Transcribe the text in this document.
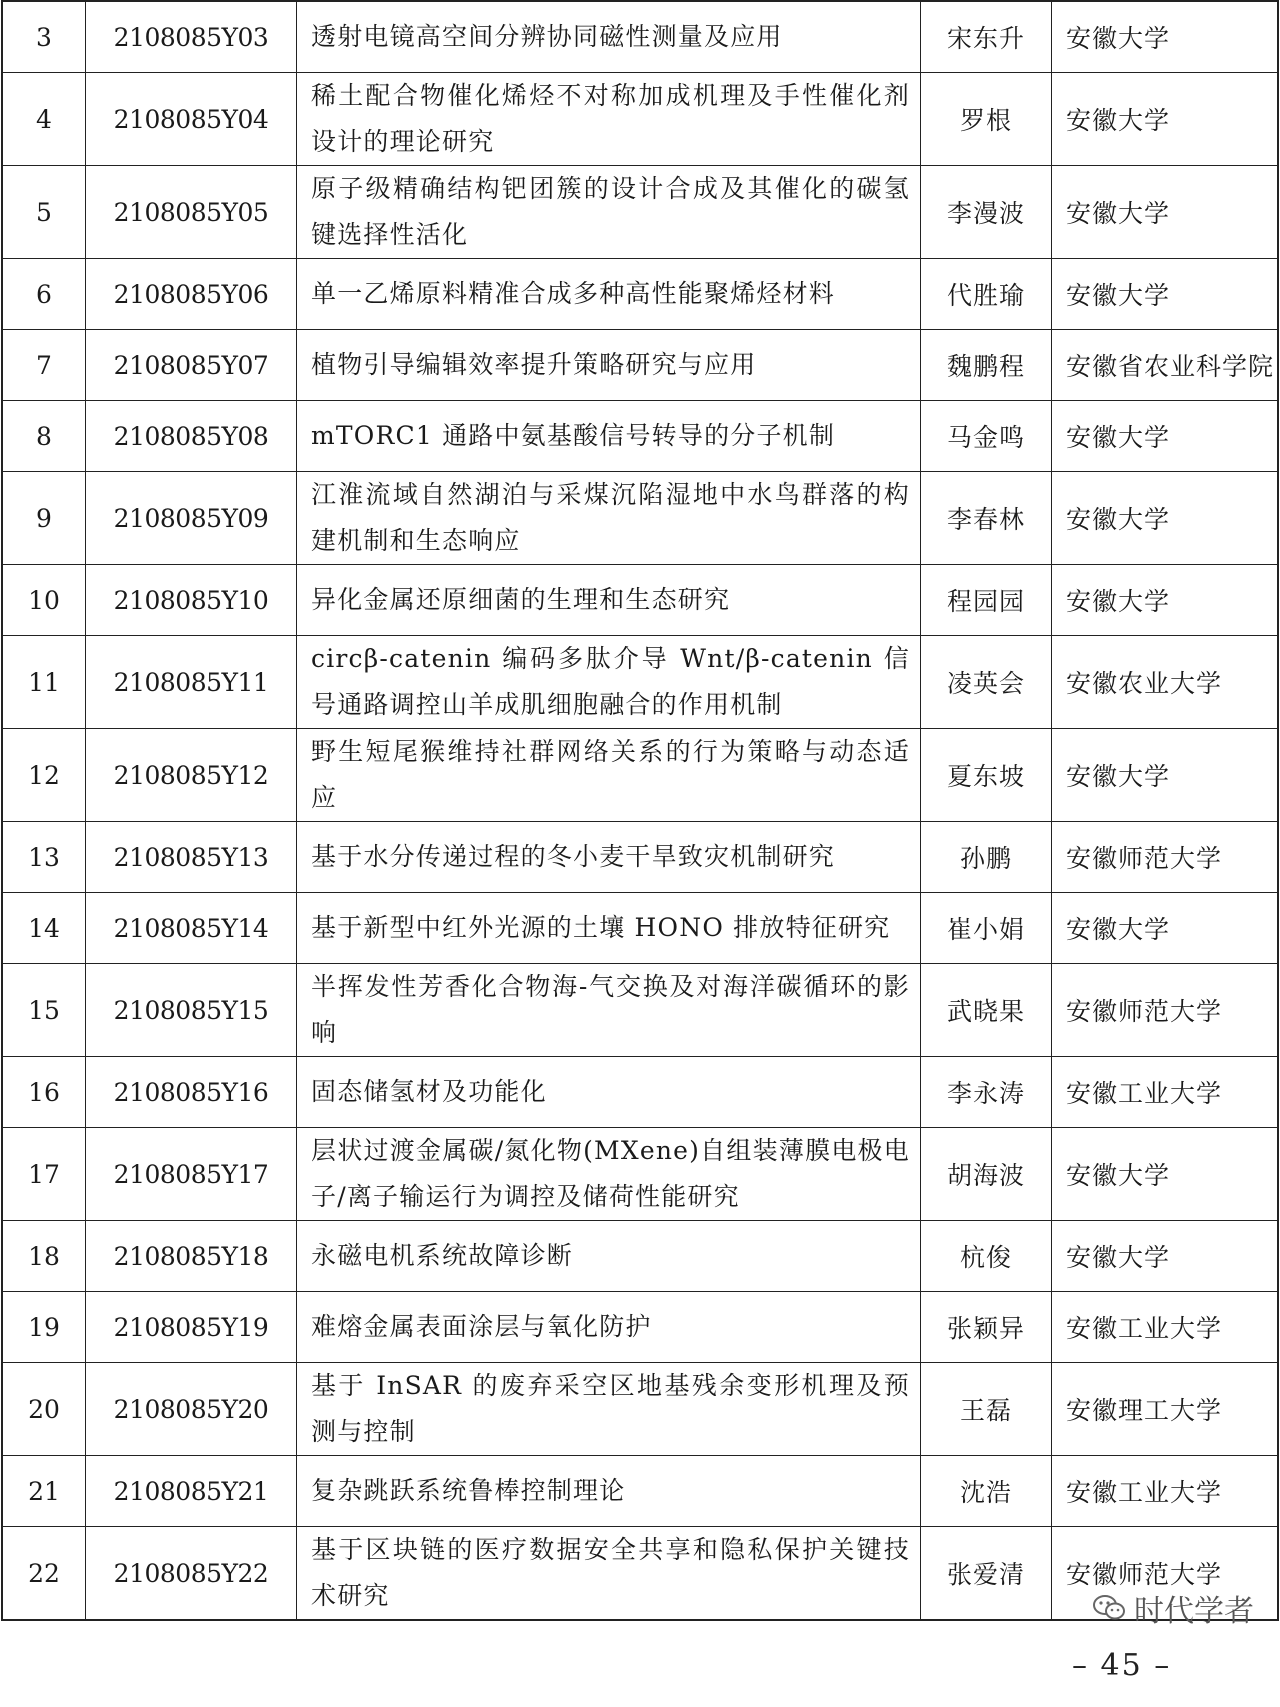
3	2108085Y03	透射电镜高空间分辨协同磁性测量及应用	宋东升	安徽大学
4	2108085Y04	稀土配合物催化烯烃不对称加成机理及手性催化剂设计的理论研究	罗根	安徽大学
5	2108085Y05	原子级精确结构钯团簇的设计合成及其催化的碳氢键选择性活化	李漫波	安徽大学
6	2108085Y06	单一乙烯原料精准合成多种高性能聚烯烃材料	代胜瑜	安徽大学
7	2108085Y07	植物引导编辑效率提升策略研究与应用	魏鹏程	安徽省农业科学院
8	2108085Y08	mTORC1 通路中氨基酸信号转导的分子机制	马金鸣	安徽大学
9	2108085Y09	江淮流域自然湖泊与采煤沉陷湿地中水鸟群落的构建机制和生态响应	李春林	安徽大学
10	2108085Y10	异化金属还原细菌的生理和生态研究	程园园	安徽大学
11	2108085Y11	circβ-catenin 编码多肽介导 Wnt/β-catenin 信号通路调控山羊成肌细胞融合的作用机制	凌英会	安徽农业大学
12	2108085Y12	野生短尾猴维持社群网络关系的行为策略与动态适应	夏东坡	安徽大学
13	2108085Y13	基于水分传递过程的冬小麦干旱致灾机制研究	孙鹏	安徽师范大学
14	2108085Y14	基于新型中红外光源的土壤 HONO 排放特征研究	崔小娟	安徽大学
15	2108085Y15	半挥发性芳香化合物海-气交换及对海洋碳循环的影响	武晓果	安徽师范大学
16	2108085Y16	固态储氢材及功能化	李永涛	安徽工业大学
17	2108085Y17	层状过渡金属碳/氮化物(MXene)自组装薄膜电极电子/离子输运行为调控及储荷性能研究	胡海波	安徽大学
18	2108085Y18	永磁电机系统故障诊断	杭俊	安徽大学
19	2108085Y19	难熔金属表面涂层与氧化防护	张颖异	安徽工业大学
20	2108085Y20	基于 InSAR 的废弃采空区地基残余变形机理及预测与控制	王磊	安徽理工大学
21	2108085Y21	复杂跳跃系统鲁棒控制理论	沈浩	安徽工业大学
22	2108085Y22	基于区块链的医疗数据安全共享和隐私保护关键技术研究	张爱清	安徽师范大学
时代学者
– 45 –
